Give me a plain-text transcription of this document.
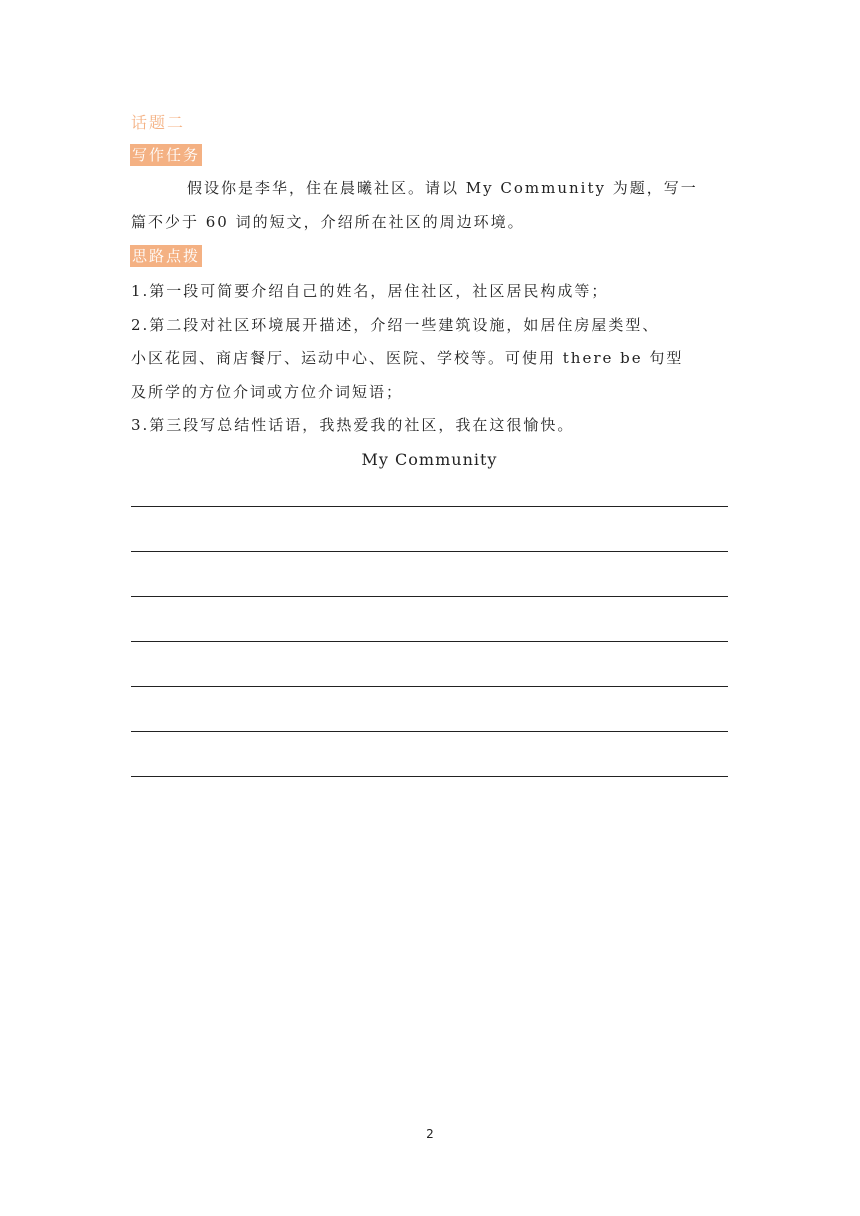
话题二
写作任务
假设你是李华，住在晨曦社区。请以 My Community 为题，写一
篇不少于 60 词的短文，介绍所在社区的周边环境。
思路点拨
1.第一段可简要介绍自己的姓名，居住社区，社区居民构成等；
2.第二段对社区环境展开描述，介绍一些建筑设施，如居住房屋类型、
小区花园、商店餐厅、运动中心、医院、学校等。可使用 there be 句型
及所学的方位介词或方位介词短语；
3.第三段写总结性话语，我热爱我的社区，我在这很愉快。
My Community
2
